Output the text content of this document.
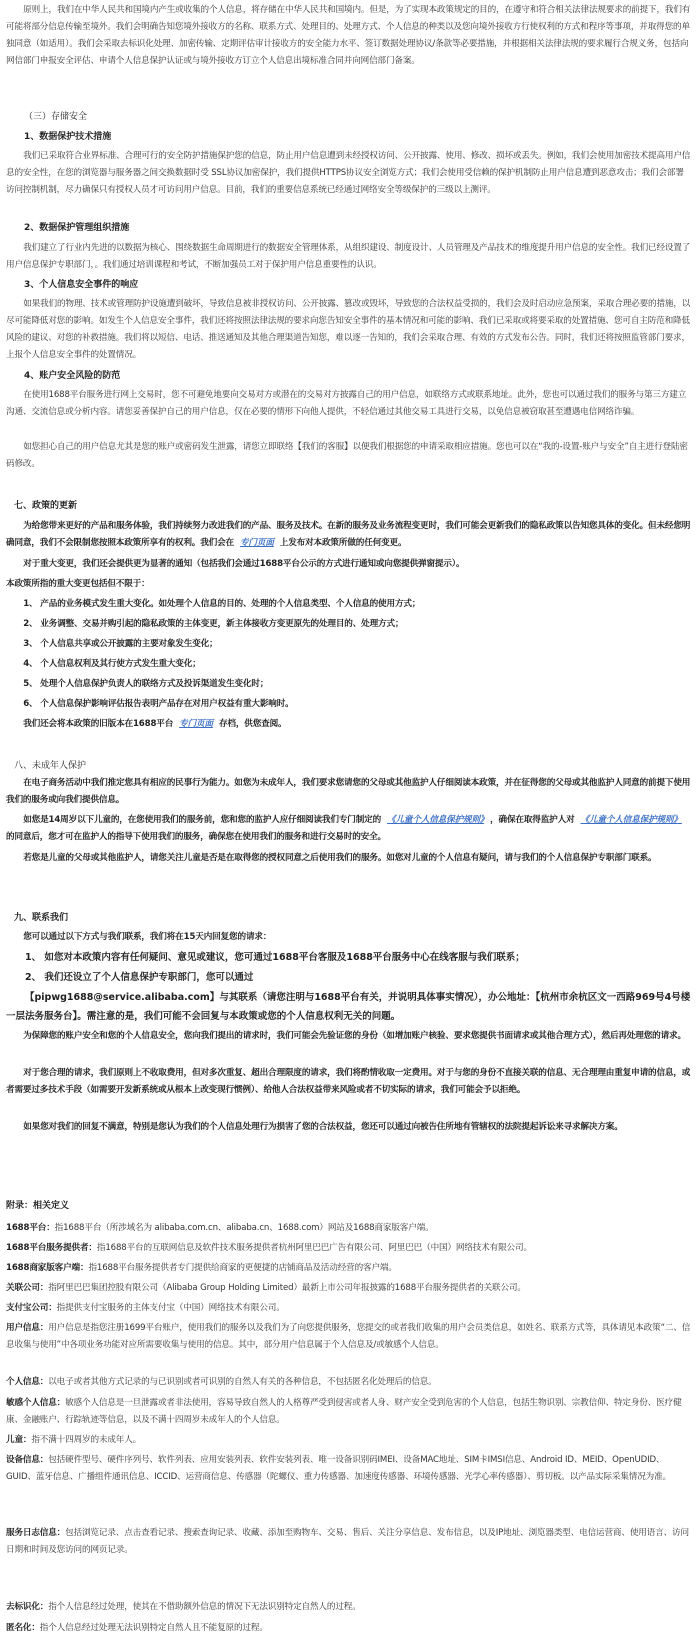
原则上，我们在中华人民共和国境内产生或收集的个人信息，将存储在中华人民共和国境内。但是，为了实现本政策规定的目的，在遵守和符合相关法律法规要求的前提下，我们有可能将部分信息传输至境外。我们会明确告知您境外接收方的名称、联系方式、处理目的、处理方式、个人信息的种类以及您向境外接收方行使权利的方式和程序等事项，并取得您的单独同意（如适用）。我们会采取去标识化处理、加密传输、定期评估审计接收方的安全能力水平、签订数据处理协议/条款等必要措施，并根据相关法律法规的要求履行合规义务，包括向网信部门申报安全评估、申请个人信息保护认证或与境外接收方订立个人信息出境标准合同并向网信部门备案。

（三）存储安全
1、数据保护技术措施

我们已采取符合业界标准、合理可行的安全防护措施保护您的信息，防止用户信息遭到未经授权访问、公开披露、使用、修改、损坏或丢失。例如，我们会使用加密技术提高用户信息的安全性，在您的浏览器与服务器之间交换数据时受 SSL协议加密保护，我们提供HTTPS协议安全浏览方式；我们会使用受信赖的保护机制防止用户信息遭到恶意攻击；我们会部署访问控制机制，尽力确保只有授权人员才可访问用户信息。目前，我们的重要信息系统已经通过网络安全等级保护的三级以上测评。

2、数据保护管理组织措施

我们建立了行业内先进的以数据为核心、围绕数据生命周期进行的数据安全管理体系，从组织建设、制度设计、人员管理及产品技术的维度提升用户信息的安全性。我们已经设置了用户信息保护专职部门，。我们通过培训课程和考试，不断加强员工对于保护用户信息重要性的认识。

3、个人信息安全事件的响应

如果我们的物理、技术或管理防护设施遭到破坏，导致信息被非授权访问、公开披露、篡改或毁坏，导致您的合法权益受损的，我们会及时启动应急预案，采取合理必要的措施，以尽可能降低对您的影响。如发生个人信息安全事件，我们还将按照法律法规的要求向您告知安全事件的基本情况和可能的影响、我们已采取或将要采取的处置措施、您可自主防范和降低风险的建议、对您的补救措施。我们将以短信、电话、推送通知及其他合理渠道告知您，难以逐一告知的，我们会采取合理、有效的方式发布公告。同时，我们还将按照监管部门要求，上报个人信息安全事件的处置情况。

4、账户安全风险的防范

在使用1688平台服务进行网上交易时，您不可避免地要向交易对方或潜在的交易对方披露自己的用户信息，如联络方式或联系地址。此外，您也可以通过我们的服务与第三方建立沟通、交流信息或分析内容。请您妥善保护自己的用户信息，仅在必要的情形下向他人提供，不轻信通过其他交易工具进行交易，以免信息被窃取甚至遭遇电信网络诈骗。

如您担心自己的用户信息尤其是您的账户或密码发生泄露，请您立即联络【我们的客服】以便我们根据您的申请采取相应措施。您也可以在“我的-设置-账户与安全”自主进行登陆密码修改。

七、政策的更新

为给您带来更好的产品和服务体验，我们持续努力改进我们的产品、服务及技术。在新的服务及业务流程变更时，我们可能会更新我们的隐私政策以告知您具体的变化。但未经您明确同意，我们不会限制您按照本政策所享有的权利。我们会在 专门页面 上发布对本政策所做的任何变更。

对于重大变更，我们还会提供更为显著的通知（包括我们会通过1688平台公示的方式进行通知或向您提供弹窗提示）。

本政策所指的重大变更包括但不限于：

1、 产品的业务模式发生重大变化。如处理个人信息的目的、处理的个人信息类型、个人信息的使用方式；
2、 业务调整、交易并购引起的隐私政策的主体变更，新主体接收方变更原先的处理目的、处理方式；
3、 个人信息共享或公开披露的主要对象发生变化；
4、 个人信息权利及其行使方式发生重大变化；
5、 处理个人信息保护负责人的联络方式及投诉渠道发生变化时；
6、 个人信息保护影响评估报告表明产品存在对用户权益有重大影响时。

我们还会将本政策的旧版本在1688平台 专门页面 存档，供您查阅。

八、未成年人保护

在电子商务活动中我们推定您具有相应的民事行为能力。如您为未成年人，我们要求您请您的父母或其他监护人仔细阅读本政策，并在征得您的父母或其他监护人同意的前提下使用我们的服务或向我们提供信息。

如您是14周岁以下儿童的，在您使用我们的服务前，您和您的监护人应仔细阅读我们专门制定的 《儿童个人信息保护规则》 ，确保在取得监护人对 《儿童个人信息保护规则》的同意后，您才可在监护人的指导下使用我们的服务，确保您在使用我们的服务和进行交易时的安全。

若您是儿童的父母或其他监护人，请您关注儿童是否是在取得您的授权同意之后使用我们的服务。如您对儿童的个人信息有疑问，请与我们的个人信息保护专职部门联系。

九、联系我们

您可以通过以下方式与我们联系，我们将在15天内回复您的请求：

1、 如您对本政策内容有任何疑问、意见或建议，您可通过1688平台客服及1688平台服务中心在线客服与我们联系；
2、 我们还设立了个人信息保护专职部门，您可以通过

【pipwg1688@service.alibaba.com】与其联系（请您注明与1688平台有关，并说明具体事实情况），办公地址：【杭州市余杭区文一西路969号4号楼一层法务服务台】。需注意的是，我们可能不会回复与本政策或您的个人信息权利无关的问题。

为保障您的账户安全和您的个人信息安全，您向我们提出的请求时，我们可能会先验证您的身份（如增加账户核验、要求您提供书面请求或其他合理方式），然后再处理您的请求。

对于您合理的请求，我们原则上不收取费用，但对多次重复、超出合理限度的请求，我们将酌情收取一定费用。对于与您的身份不直接关联的信息、无合理理由重复申请的信息，或者需要过多技术手段（如需要开发新系统或从根本上改变现行惯例）、给他人合法权益带来风险或者不切实际的请求，我们可能会予以拒绝。

如果您对我们的回复不满意，特别是您认为我们的个人信息处理行为损害了您的合法权益，您还可以通过向被告住所地有管辖权的法院提起诉讼来寻求解决方案。

附录：相关定义

1688平台：指1688平台（所涉域名为 alibaba.com.cn、alibaba.cn、1688.com）网站及1688商家版客户端。

1688平台服务提供者：指1688平台的互联网信息及软件技术服务提供者杭州阿里巴巴广告有限公司、阿里巴巴（中国）网络技术有限公司。

1688商家版客户端：指1688平台服务提供者专门提供给商家的更便捷的店铺商品及活动经营的客户端。

关联公司：指阿里巴巴集团控股有限公司（Alibaba Group Holding Limited）最新上市公司年报披露的1688平台服务提供者的关联公司。

支付宝公司：指提供支付宝服务的主体支付宝（中国）网络技术有限公司。

用户信息：用户信息是指您注册1699平台账户，使用我们的服务以及我们为了向您提供服务，您提交的或者我们收集的用户会员类信息，如姓名、联系方式等，具体请见本政策“二、信息收集与使用”中各项业务功能对应所需要收集与使用的信息。其中，部分用户信息属于个人信息及/或敏感个人信息。

个人信息：以电子或者其他方式记录的与已识别或者可识别的自然人有关的各种信息，不包括匿名化处理后的信息。

敏感个人信息：敏感个人信息是一旦泄露或者非法使用，容易导致自然人的人格尊严受到侵害或者人身、财产安全受到危害的个人信息，包括生物识别、宗教信仰、特定身份、医疗健康、金融账户、行踪轨迹等信息，以及不满十四周岁未成年人的个人信息。

儿童：指不满十四周岁的未成年人。

设备信息：包括硬件型号、硬件序列号、软件列表、应用安装列表、软件安装列表、唯一设备识别码IMEI、设备MAC地址、SIM卡IMSI信息、Android ID、MEID、OpenUDID、GUID、蓝牙信息、广播组件通讯信息、ICCID、运营商信息、传感器（陀螺仪、重力传感器、加速度传感器、环境传感器、光学心率传感器）、剪切板。以产品实际采集情况为准。

服务日志信息：包括浏览记录、点击查看记录、搜索查询记录、收藏、添加至购物车、交易、售后、关注分享信息、发布信息，以及IP地址、浏览器类型、电信运营商、使用语言、访问日期和时间及您访问的网页记录。

去标识化：指个人信息经过处理，使其在不借助额外信息的情况下无法识别特定自然人的过程。

匿名化：指个人信息经过处理无法识别特定自然人且不能复原的过程。
